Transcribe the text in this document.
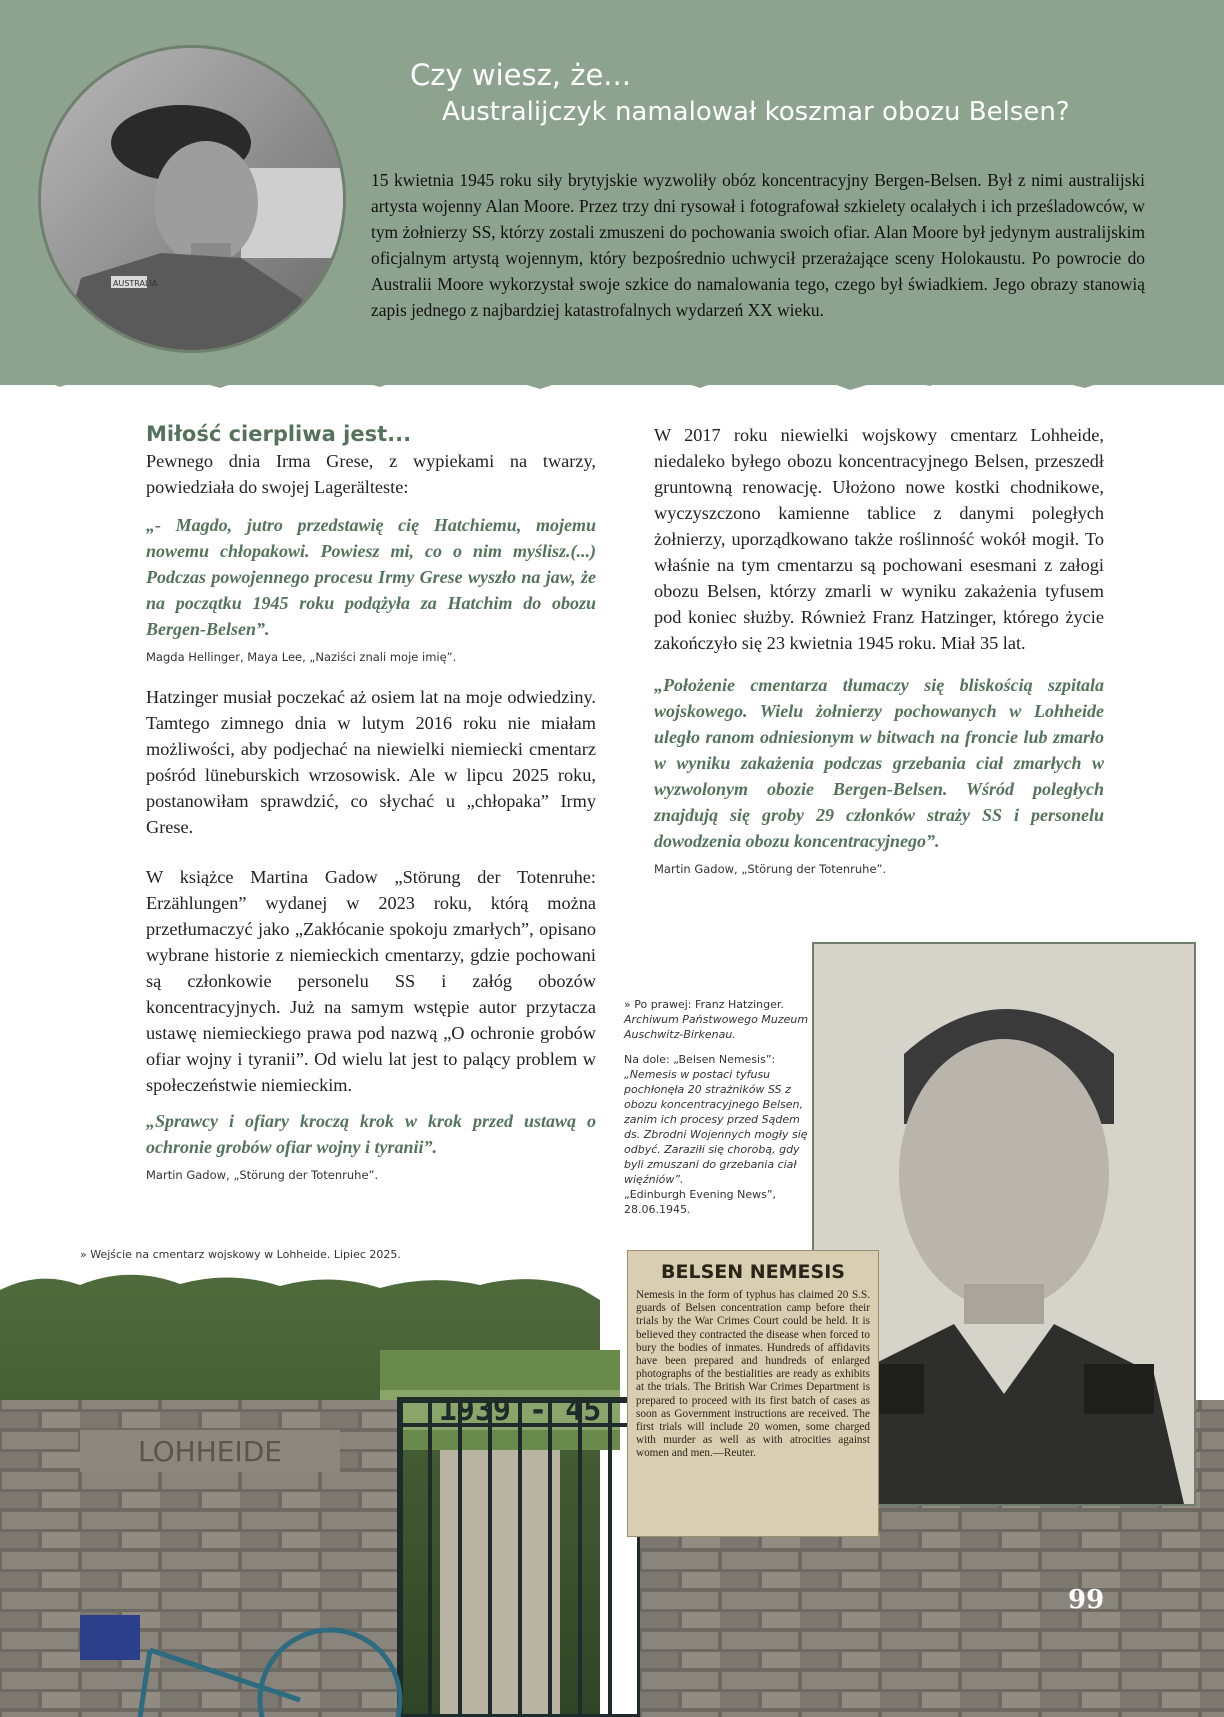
AUSTRALIA
Czy wiesz, że...
Australijczyk namalował koszmar obozu Belsen?

15 kwietnia 1945 roku siły brytyjskie wyzwoliły obóz koncentracyjny Bergen-Belsen. Był z nimi australijski artysta wojenny Alan Moore. Przez trzy dni rysował i fotografował szkielety ocalałych i ich prześladowców, w tym żołnierzy SS, którzy zostali zmuszeni do pochowania swoich ofiar. Alan Moore był jedynym australijskim oficjalnym artystą wojennym, który bezpośrednio uchwycił przerażające sceny Holokaustu. Po powrocie do Australii Moore wykorzystał swoje szkice do namalowania tego, czego był świadkiem. Jego obrazy stanowią zapis jednego z najbardziej katastrofalnych wydarzeń XX wieku.

Miłość cierpliwa jest...

Pewnego dnia Irma Grese, z wypiekami na twarzy, powiedziała do swojej Lagerälteste:

„- Magdo, jutro przedstawię cię Hatchiemu, mojemu nowemu chłopakowi. Powiesz mi, co o nim myślisz.(...) Podczas powojennego procesu Irmy Grese wyszło na jaw, że na początku 1945 roku podążyła za Hatchim do obozu Bergen-Belsen”.

Magda Hellinger, Maya Lee, „Naziści znali moje imię”.

Hatzinger musiał poczekać aż osiem lat na moje odwiedziny. Tamtego zimnego dnia w lutym 2016 roku nie miałam możliwości, aby podjechać na niewielki niemiecki cmentarz pośród lüneburskich wrzosowisk. Ale w lipcu 2025 roku, postanowiłam sprawdzić, co słychać u „chłopaka” Irmy Grese.

W książce Martina Gadow „Störung der Totenruhe: Erzählungen” wydanej w 2023 roku, którą można przetłumaczyć jako „Zakłócanie spokoju zmarłych”, opisano wybrane historie z niemieckich cmentarzy, gdzie pochowani są członkowie personelu SS i załóg obozów koncentracyjnych. Już na samym wstępie autor przytacza ustawę niemieckiego prawa pod nazwą „O ochronie grobów ofiar wojny i tyranii”. Od wielu lat jest to palący problem w społeczeństwie niemieckim.

„Sprawcy i ofiary kroczą krok w krok przed ustawą o ochronie grobów ofiar wojny i tyranii”.

Martin Gadow, „Störung der Totenruhe”.

W 2017 roku niewielki wojskowy cmentarz Lohheide, niedaleko byłego obozu koncentracyjnego Belsen, przeszedł gruntowną renowację. Ułożono nowe kostki chodnikowe, wyczyszczono kamienne tablice z danymi poległych żołnierzy, uporządkowano także roślinność wokół mogił. To właśnie na tym cmentarzu są pochowani esesmani z załogi obozu Belsen, którzy zmarli w wyniku zakażenia tyfusem pod koniec służby. Również Franz Hatzinger, którego życie zakończyło się 23 kwietnia 1945 roku. Miał 35 lat.

„Położenie cmentarza tłumaczy się bliskością szpitala wojskowego. Wielu żołnierzy pochowanych w Lohheide uległo ranom odniesionym w bitwach na froncie lub zmarło w wyniku zakażenia podczas grzebania ciał zmarłych w wyzwolonym obozie Bergen-Belsen. Wśród poległych znajdują się groby 29 członków straży SS i personelu dowodzenia obozu koncentracyjnego”.

Martin Gadow, „Störung der Totenruhe”.

LOHHEIDE
1939 - 45
99
» Wejście na cmentarz wojskowy w Lohheide. Lipiec 2025.
» Po prawej: Franz Hatzinger.
Archiwum Państwowego Muzeum Auschwitz-Birkenau.
Na dole: „Belsen Nemesis”:
„Nemesis w postaci tyfusu pochłonęła 20 strażników SS z obozu koncentracyjnego Belsen, zanim ich procesy przed Sądem ds. Zbrodni Wojennych mogły się odbyć. Zaraziłi się chorobą, gdy byli zmuszani do grzebania ciał więźniów”.
„Edinburgh Evening News”, 28.06.1945.
BELSEN NEMESIS
Nemesis in the form of typhus has claimed 20 S.S. guards of Belsen concentration camp before their trials by the War Crimes Court could be held. It is believed they contracted the disease when forced to bury the bodies of inmates. Hundreds of affidavits have been prepared and hundreds of enlarged photographs of the bestialities are ready as exhibits at the trials. The British War Crimes Department is prepared to proceed with its first batch of cases as soon as Government instructions are received. The first trials will include 20 women, some charged with murder as well as with atrocities against women and men.—Reuter.
